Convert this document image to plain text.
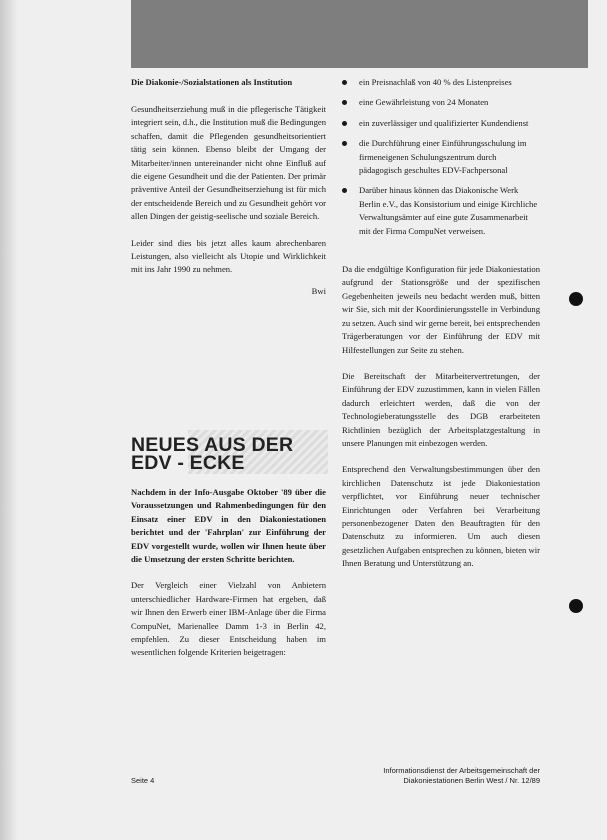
Die Diakonie-/Sozialstationen als Institution

Gesundheitserziehung muß in die pflegerische Tätigkeit integriert sein, d.h., die Institution muß die Bedingungen schaffen, damit die Pflegenden gesundheitsorientiert tätig sein können. Ebenso bleibt der Umgang der Mitarbeiter/innen untereinander nicht ohne Einfluß auf die eigene Gesundheit und die der Patienten. Der primär präventive Anteil der Gesundheitserziehung ist für mich der entscheidende Bereich und zu Gesundheit gehört vor allen Dingen der geistig-seelische und soziale Bereich.

Leider sind dies bis jetzt alles kaum abrechenbaren Leistungen, also vielleicht als Utopie und Wirklichkeit mit ins Jahr 1990 zu nehmen.

Bwi
NEUES AUS DER
EDV - ECKE

Nachdem in der Info-Ausgabe Oktober '89 über die Voraussetzungen und Rahmenbedingungen für den Einsatz einer EDV in den Diakoniestationen berichtet und der 'Fahrplan' zur Einführung der EDV vorgestellt wurde, wollen wir Ihnen heute über die Umsetzung der ersten Schritte berichten.

Der Vergleich einer Vielzahl von Anbietern unterschiedlicher Hardware-Firmen hat ergeben, daß wir Ihnen den Erwerb einer IBM-Anlage über die Firma CompuNet, Marienallee Damm 1-3 in Berlin 42, empfehlen. Zu dieser Entscheidung haben im wesentlichen folgende Kriterien beigetragen:

ein Preisnachlaß von 40 % des Listenpreises
eine Gewährleistung von 24 Monaten
ein zuverlässiger und qualifizierter Kundendienst
die Durchführung einer Einführungsschulung im firmeneigenen Schulungszentrum durch pädagogisch geschultes EDV-Fachpersonal
Darüber hinaus können das Diakonische Werk Berlin e.V., das Konsistorium und einige Kirchliche Verwaltungsämter auf eine gute Zusammenarbeit mit der Firma CompuNet verweisen.

Da die endgültige Konfiguration für jede Diakoniestation aufgrund der Stationsgröße und der spezifischen Gegebenheiten jeweils neu bedacht werden muß, bitten wir Sie, sich mit der Koordinierungsstelle in Verbindung zu setzen. Auch sind wir gerne bereit, bei entsprechenden Trägerberatungen vor der Einführung der EDV mit Hilfestellungen zur Seite zu stehen.

Die Bereitschaft der Mitarbeitervertretungen, der Einführung der EDV zuzustimmen, kann in vielen Fällen dadurch erleichtert werden, daß die von der Technologieberatungsstelle des DGB erarbeiteten Richtlinien bezüglich der Arbeitsplatzgestaltung in unsere Planungen mit einbezogen werden.

Entsprechend den Verwaltungsbestimmungen über den kirchlichen Datenschutz ist jede Diakoniestation verpflichtet, vor Einführung neuer technischer Einrichtungen oder Verfahren bei Verarbeitung personenbezogener Daten den Beauftragten für den Datenschutz zu informieren. Um auch diesen gesetzlichen Aufgaben entsprechen zu können, bieten wir Ihnen Beratung und Unterstützung an.

Seite 4
Informationsdienst der Arbeitsgemeinschaft der
Diakoniestationen Berlin West / Nr. 12/89
